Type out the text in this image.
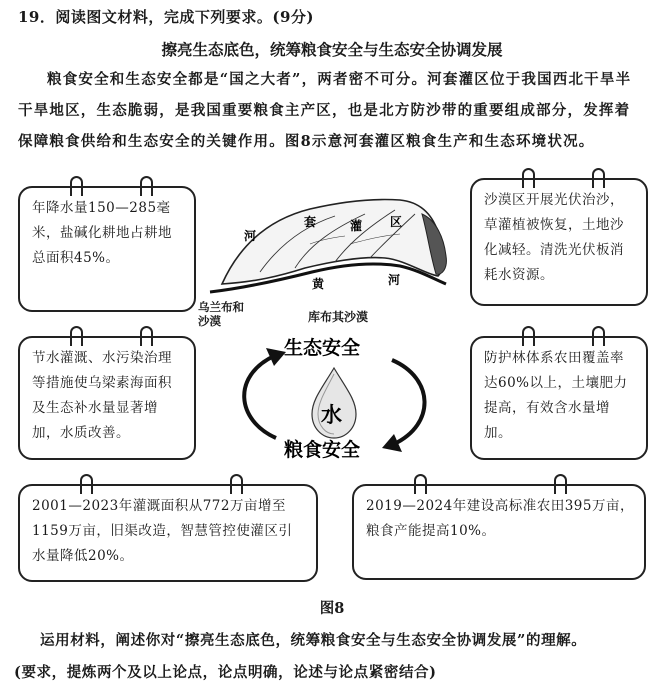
19．阅读图文材料，完成下列要求。(9分)
擦亮生态底色，统筹粮食安全与生态安全协调发展

粮食安全和生态安全都是“国之大者”，两者密不可分。河套灌区位于我国西北干旱半

干旱地区，生态脆弱，是我国重要粮食主产区，也是北方防沙带的重要组成部分，发挥着

保障粮食供给和生态安全的关键作用。图8示意河套灌区粮食生产和生态环境状况。

河
套	灌 区
黄	河
乌兰布和沙漠	库布其沙漠
水
生态安全
粮食安全
年降水量150—285毫米，盐碱化耕地占耕地总面积45%。
沙漠区开展光伏治沙，草灌植被恢复，土地沙化减轻。清洗光伏板消耗水资源。
节水灌溉、水污染治理等措施使乌梁素海面积及生态补水量显著增加，水质改善。
防护林体系农田覆盖率达60%以上，土壤肥力提高，有效含水量增加。
2001—2023年灌溉面积从772万亩增至1159万亩，旧渠改造，智慧管控使灌区引水量降低20%。
2019—2024年建设高标准农田395万亩，粮食产能提高10%。
图8
运用材料，阐述你对“擦亮生态底色，统筹粮食安全与生态安全协调发展”的理解。
(要求，提炼两个及以上论点，论点明确，论述与论点紧密结合)
